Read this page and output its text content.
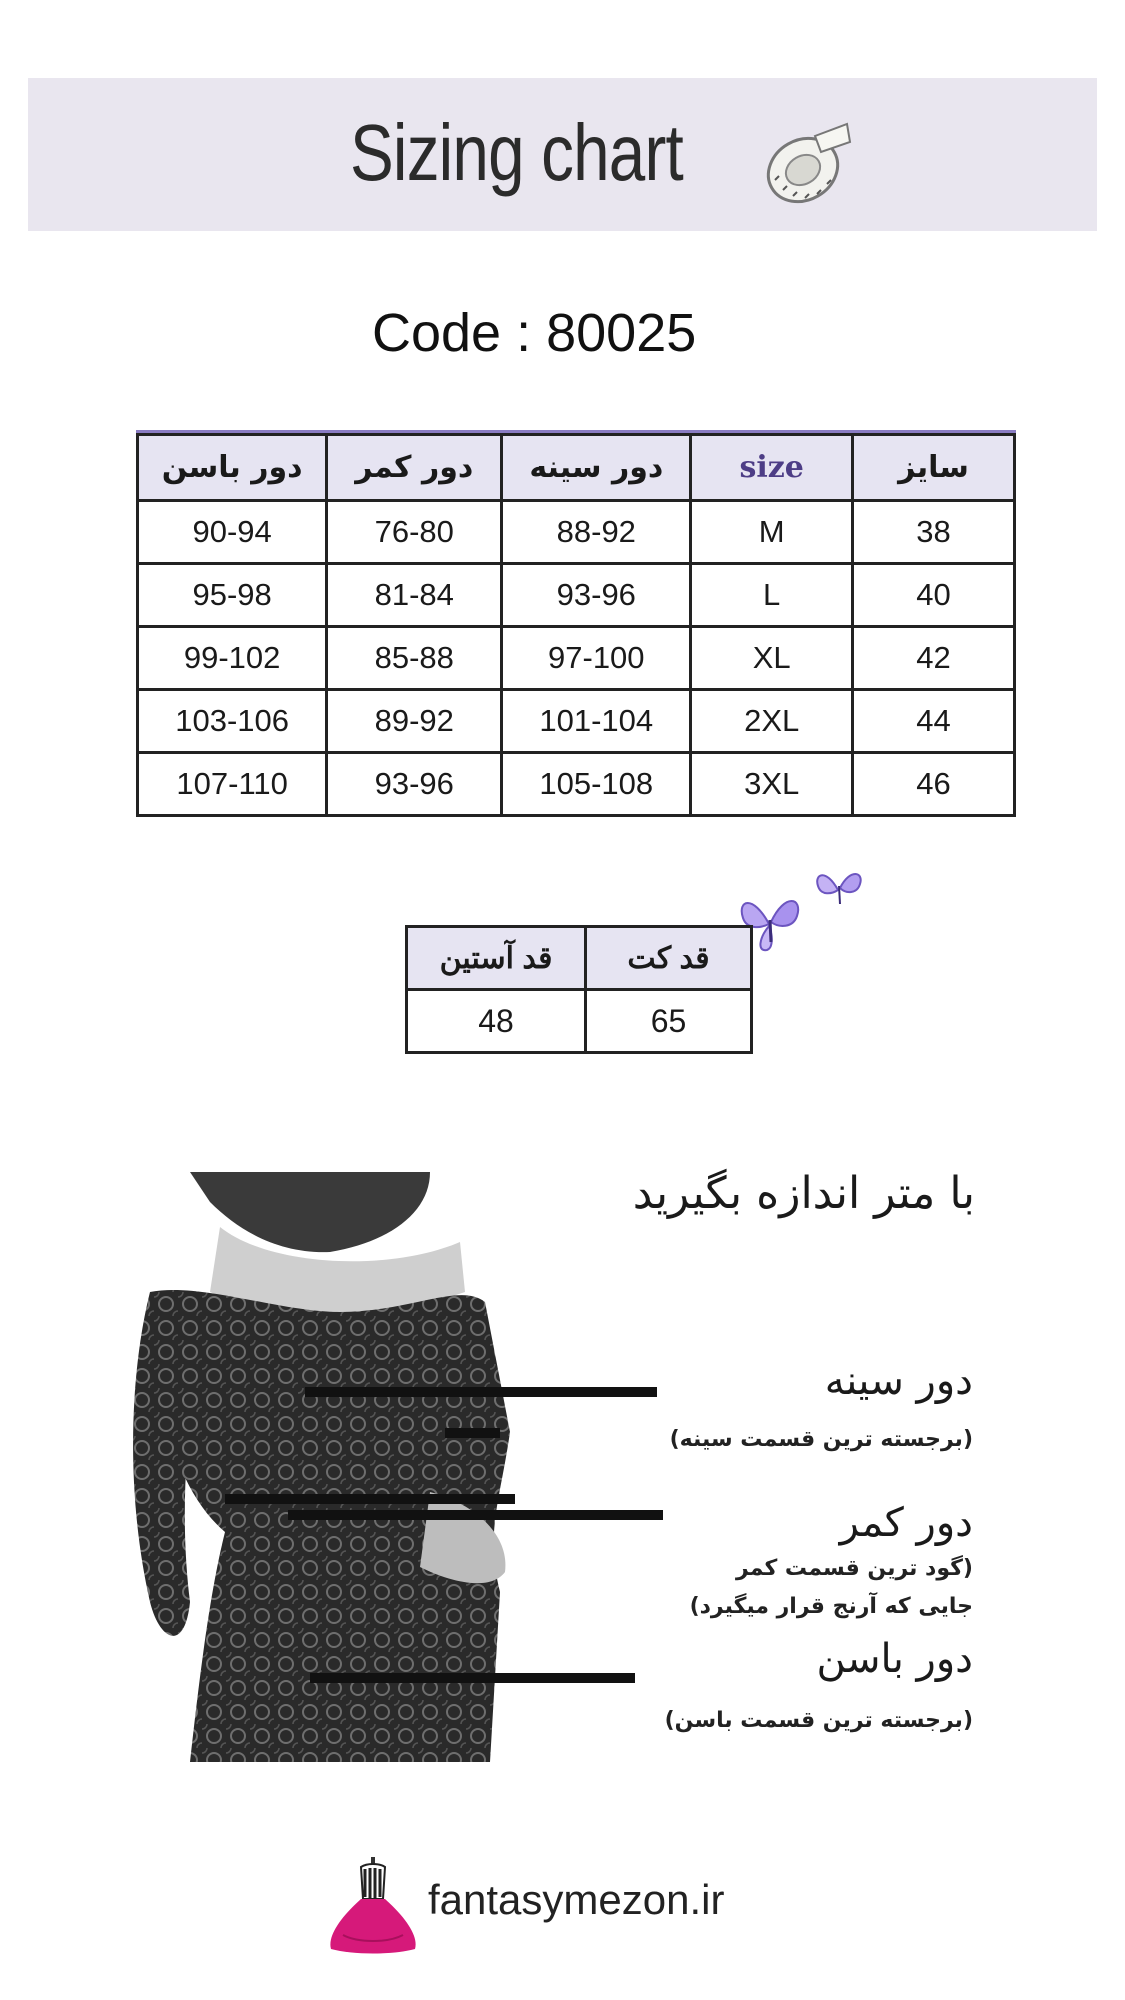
Sizing chart
Code : 80025
دور باسن	دور کمر	دور سینه	size	سایز
90-94	76-80	88-92	M	38
95-98	81-84	93-96	L	40
99-102	85-88	97-100	XL	42
103-106	89-92	101-104	2XL	44
107-110	93-96	105-108	3XL	46
قد آستین	قد کت
48	65
با متر اندازه بگیرید
دور سینه
(برجسته ترین قسمت سینه)
دور کمر
(گود ترین قسمت کمر
جایی که آرنج قرار میگیرد)
دور باسن
(برجسته ترین قسمت باسن)
fantasymezon.ir
